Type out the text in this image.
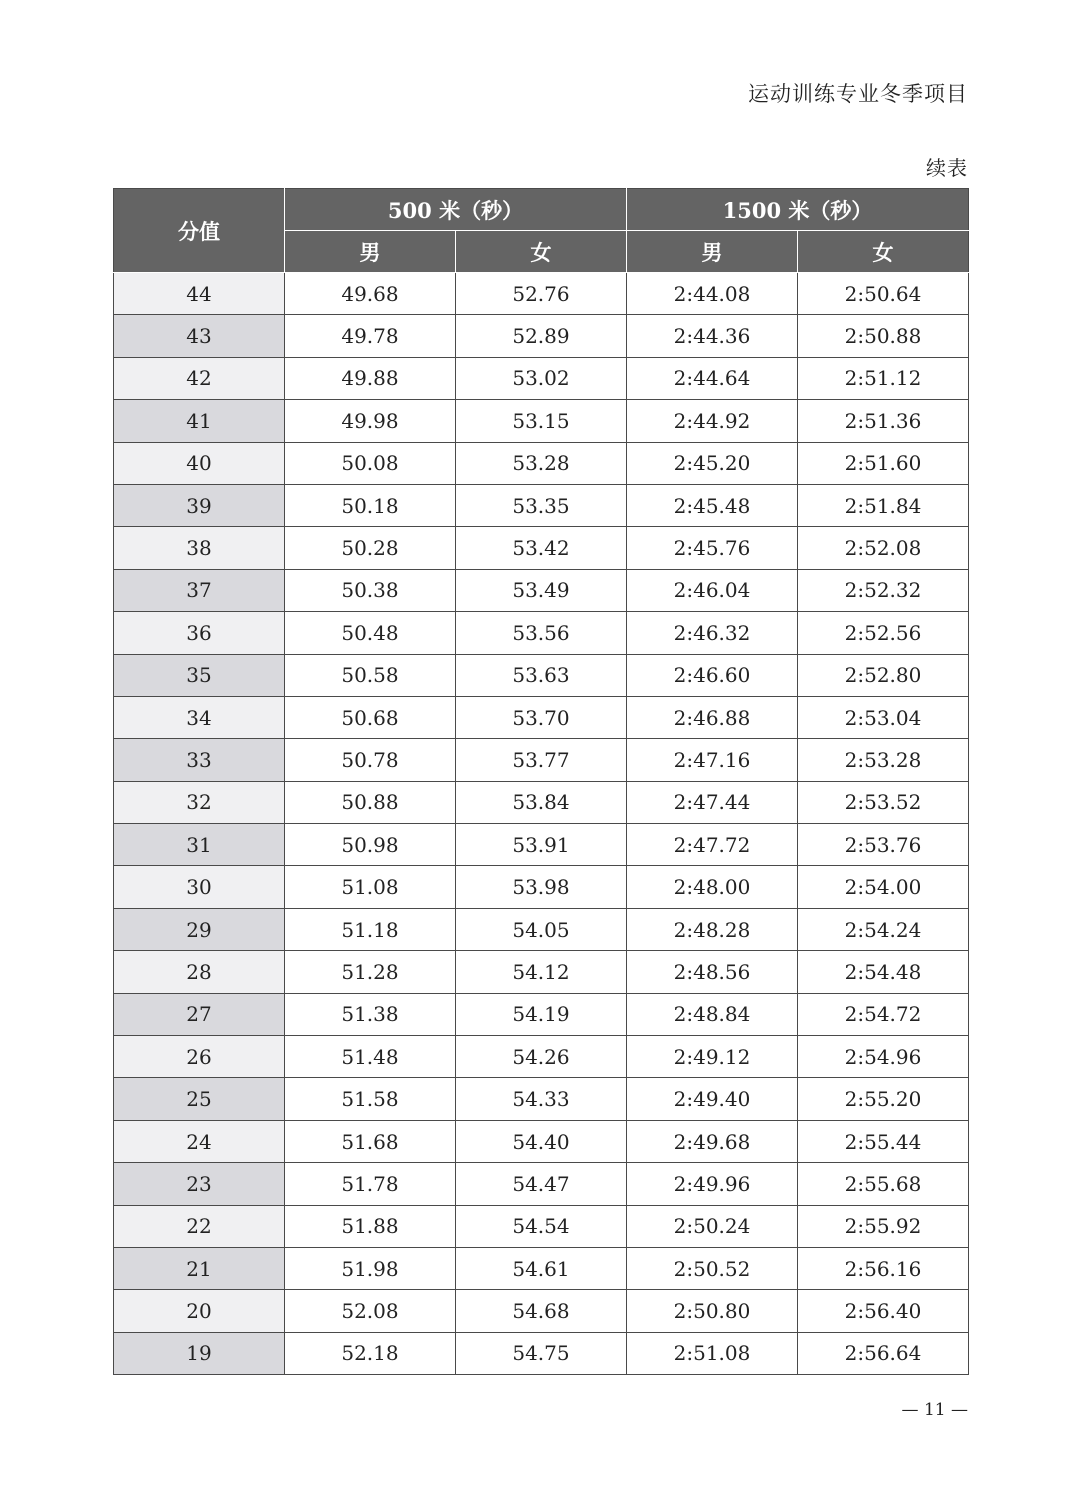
运动训练专业冬季项目
续表
分值	500 米（秒）		1500 米（秒）	
	男	女	男	女
44	49.68	52.76	2:44.08	2:50.64
43	49.78	52.89	2:44.36	2:50.88
42	49.88	53.02	2:44.64	2:51.12
41	49.98	53.15	2:44.92	2:51.36
40	50.08	53.28	2:45.20	2:51.60
39	50.18	53.35	2:45.48	2:51.84
38	50.28	53.42	2:45.76	2:52.08
37	50.38	53.49	2:46.04	2:52.32
36	50.48	53.56	2:46.32	2:52.56
35	50.58	53.63	2:46.60	2:52.80
34	50.68	53.70	2:46.88	2:53.04
33	50.78	53.77	2:47.16	2:53.28
32	50.88	53.84	2:47.44	2:53.52
31	50.98	53.91	2:47.72	2:53.76
30	51.08	53.98	2:48.00	2:54.00
29	51.18	54.05	2:48.28	2:54.24
28	51.28	54.12	2:48.56	2:54.48
27	51.38	54.19	2:48.84	2:54.72
26	51.48	54.26	2:49.12	2:54.96
25	51.58	54.33	2:49.40	2:55.20
24	51.68	54.40	2:49.68	2:55.44
23	51.78	54.47	2:49.96	2:55.68
22	51.88	54.54	2:50.24	2:55.92
21	51.98	54.61	2:50.52	2:56.16
20	52.08	54.68	2:50.80	2:56.40
19	52.18	54.75	2:51.08	2:56.64
— 11 —
